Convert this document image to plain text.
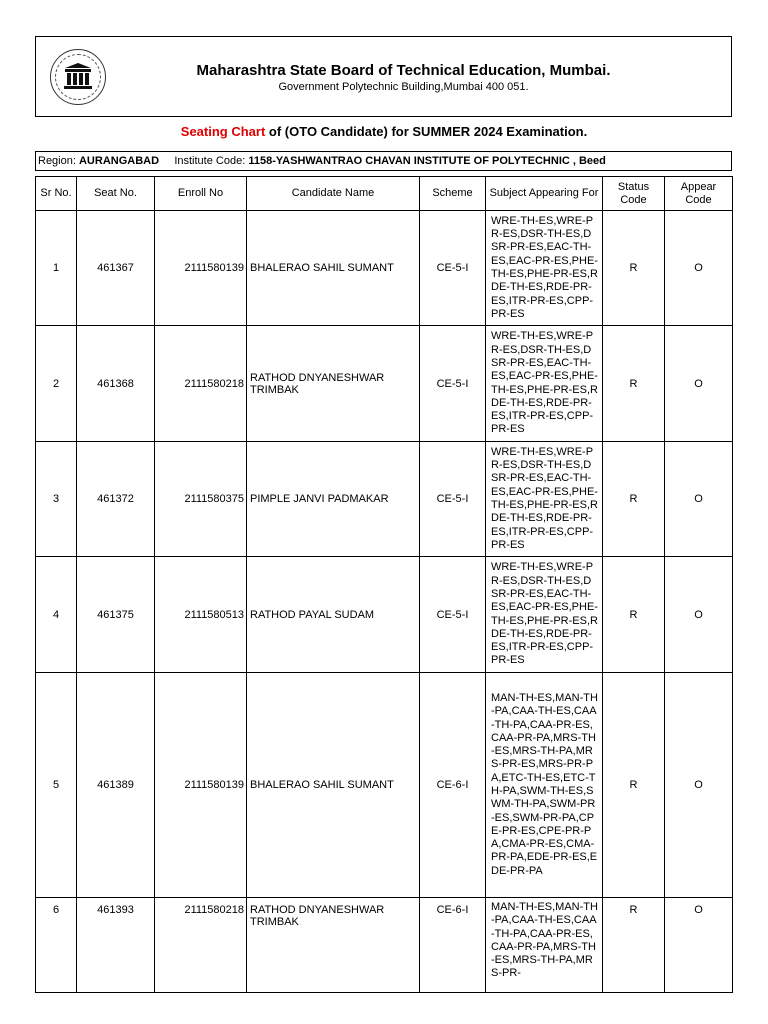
Maharashtra State Board of Technical Education, Mumbai.
Government Polytechnic Building,Mumbai 400 051.
Seating Chart of (OTO Candidate) for SUMMER 2024 Examination.
Region: AURANGABAD Institute Code: 1158-YASHWANTRAO CHAVAN INSTITUTE OF POLYTECHNIC , Beed
Sr No.	Seat No.	Enroll No	Candidate Name	Scheme	Subject Appearing For	Status Code	Appear Code
1	461367	2111580139	BHALERAO SAHIL SUMANT	CE-5-I	WRE-TH-ES,WRE-PR-ES,DSR-TH-ES,DSR-PR-ES,EAC-TH-ES,EAC-PR-ES,PHE-TH-ES,PHE-PR-ES,RDE-TH-ES,RDE-PR-ES,ITR-PR-ES,CPP-PR-ES	R	O
2	461368	2111580218	RATHOD DNYANESHWAR TRIMBAK	CE-5-I	WRE-TH-ES,WRE-PR-ES,DSR-TH-ES,DSR-PR-ES,EAC-TH-ES,EAC-PR-ES,PHE-TH-ES,PHE-PR-ES,RDE-TH-ES,RDE-PR-ES,ITR-PR-ES,CPP-PR-ES	R	O
3	461372	2111580375	PIMPLE JANVI PADMAKAR	CE-5-I	WRE-TH-ES,WRE-PR-ES,DSR-TH-ES,DSR-PR-ES,EAC-TH-ES,EAC-PR-ES,PHE-TH-ES,PHE-PR-ES,RDE-TH-ES,RDE-PR-ES,ITR-PR-ES,CPP-PR-ES	R	O
4	461375	2111580513	RATHOD PAYAL SUDAM	CE-5-I	WRE-TH-ES,WRE-PR-ES,DSR-TH-ES,DSR-PR-ES,EAC-TH-ES,EAC-PR-ES,PHE-TH-ES,PHE-PR-ES,RDE-TH-ES,RDE-PR-ES,ITR-PR-ES,CPP-PR-ES	R	O
5	461389	2111580139	BHALERAO SAHIL SUMANT	CE-6-I	MAN-TH-ES,MAN-TH-PA,CAA-TH-ES,CAA-TH-PA,CAA-PR-ES,CAA-PR-PA,MRS-TH-ES,MRS-TH-PA,MRS-PR-ES,MRS-PR-PA,ETC-TH-ES,ETC-TH-PA,SWM-TH-ES,SWM-TH-PA,SWM-PR-ES,SWM-PR-PA,CPE-PR-ES,CPE-PR-PA,CMA-PR-ES,CMA-PR-PA,EDE-PR-ES,EDE-PR-PA	R	O
6	461393	2111580218	RATHOD DNYANESHWAR TRIMBAK	CE-6-I	MAN-TH-ES,MAN-TH-PA,CAA-TH-ES,CAA-TH-PA,CAA-PR-ES,CAA-PR-PA,MRS-TH-ES,MRS-TH-PA,MRS-PR-	R	O
